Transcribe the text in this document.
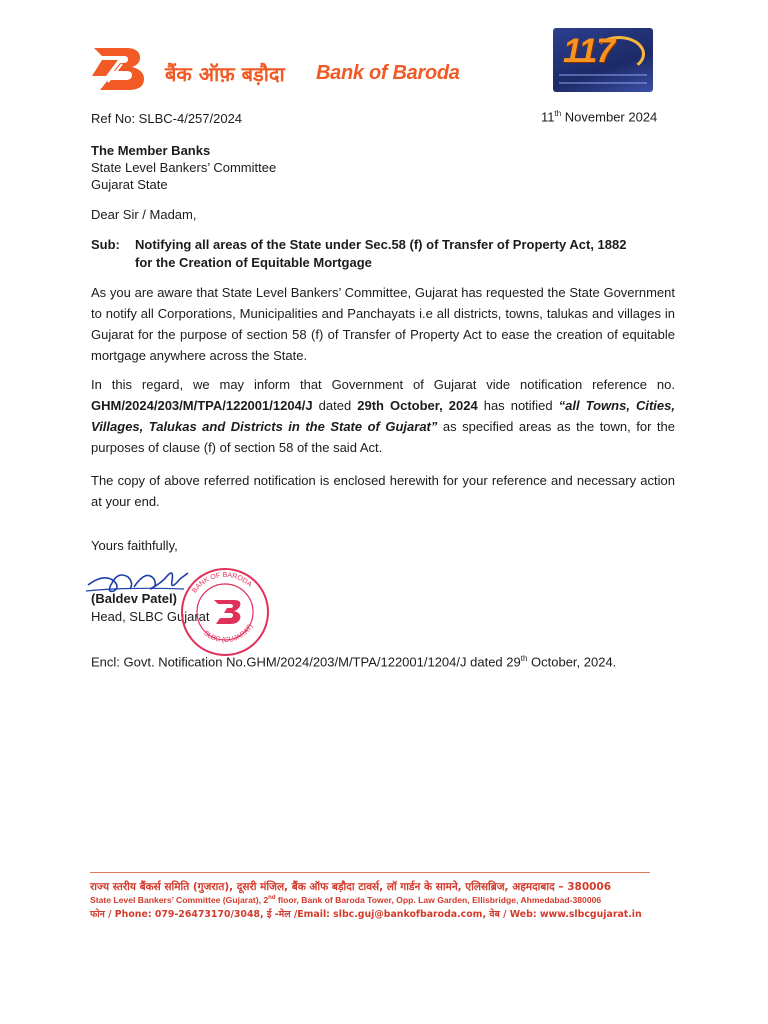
बैंक ऑफ़ बड़ौदा Bank of Baroda
117
Ref No: SLBC-4/257/2024	11th November 2024
The Member Banks
State Level Bankers’ Committee
Gujarat State
Dear Sir / Madam,
Sub: Notifying all areas of the State under Sec.58 (f) of Transfer of Property Act, 1882
for the Creation of Equitable Mortgage
As you are aware that State Level Bankers’ Committee, Gujarat has requested the State Government to notify all Corporations, Municipalities and Panchayats i.e all districts, towns, talukas and villages in Gujarat for the purpose of section 58 (f) of Transfer of Property Act to ease the creation of equitable mortgage anywhere across the State.
In this regard, we may inform that Government of Gujarat vide notification reference no. GHM/2024/203/M/TPA/122001/1204/J dated 29th October, 2024 has notified “all Towns, Cities, Villages, Talukas and Districts in the State of Gujarat” as specified areas as the town, for the purposes of clause (f) of section 58 of the said Act.
The copy of above referred notification is enclosed herewith for your reference and necessary action at your end.
Yours faithfully,
(Baldev Patel)
Head, SLBC Gujarat
BANK OF BARODA
SLBC (GUJARAT)
Encl: Govt. Notification No.GHM/2024/203/M/TPA/122001/1204/J dated 29th October, 2024.
राज्य स्तरीय बैंकर्स समिति (गुजरात), दूसरी मंजिल, बैंक ऑफ बड़ौदा टावर्स, लॉ गार्डन के सामने, एलिसब्रिज, अहमदाबाद – 380006
State Level Bankers’ Committee (Gujarat), 2nd floor, Bank of Baroda Tower, Opp. Law Garden, Ellisbridge, Ahmedabad-380006
फोन / Phone: 079-26473170/3048, ई -मेल /Email: slbc.guj@bankofbaroda.com, वेब / Web: www.slbcgujarat.in
